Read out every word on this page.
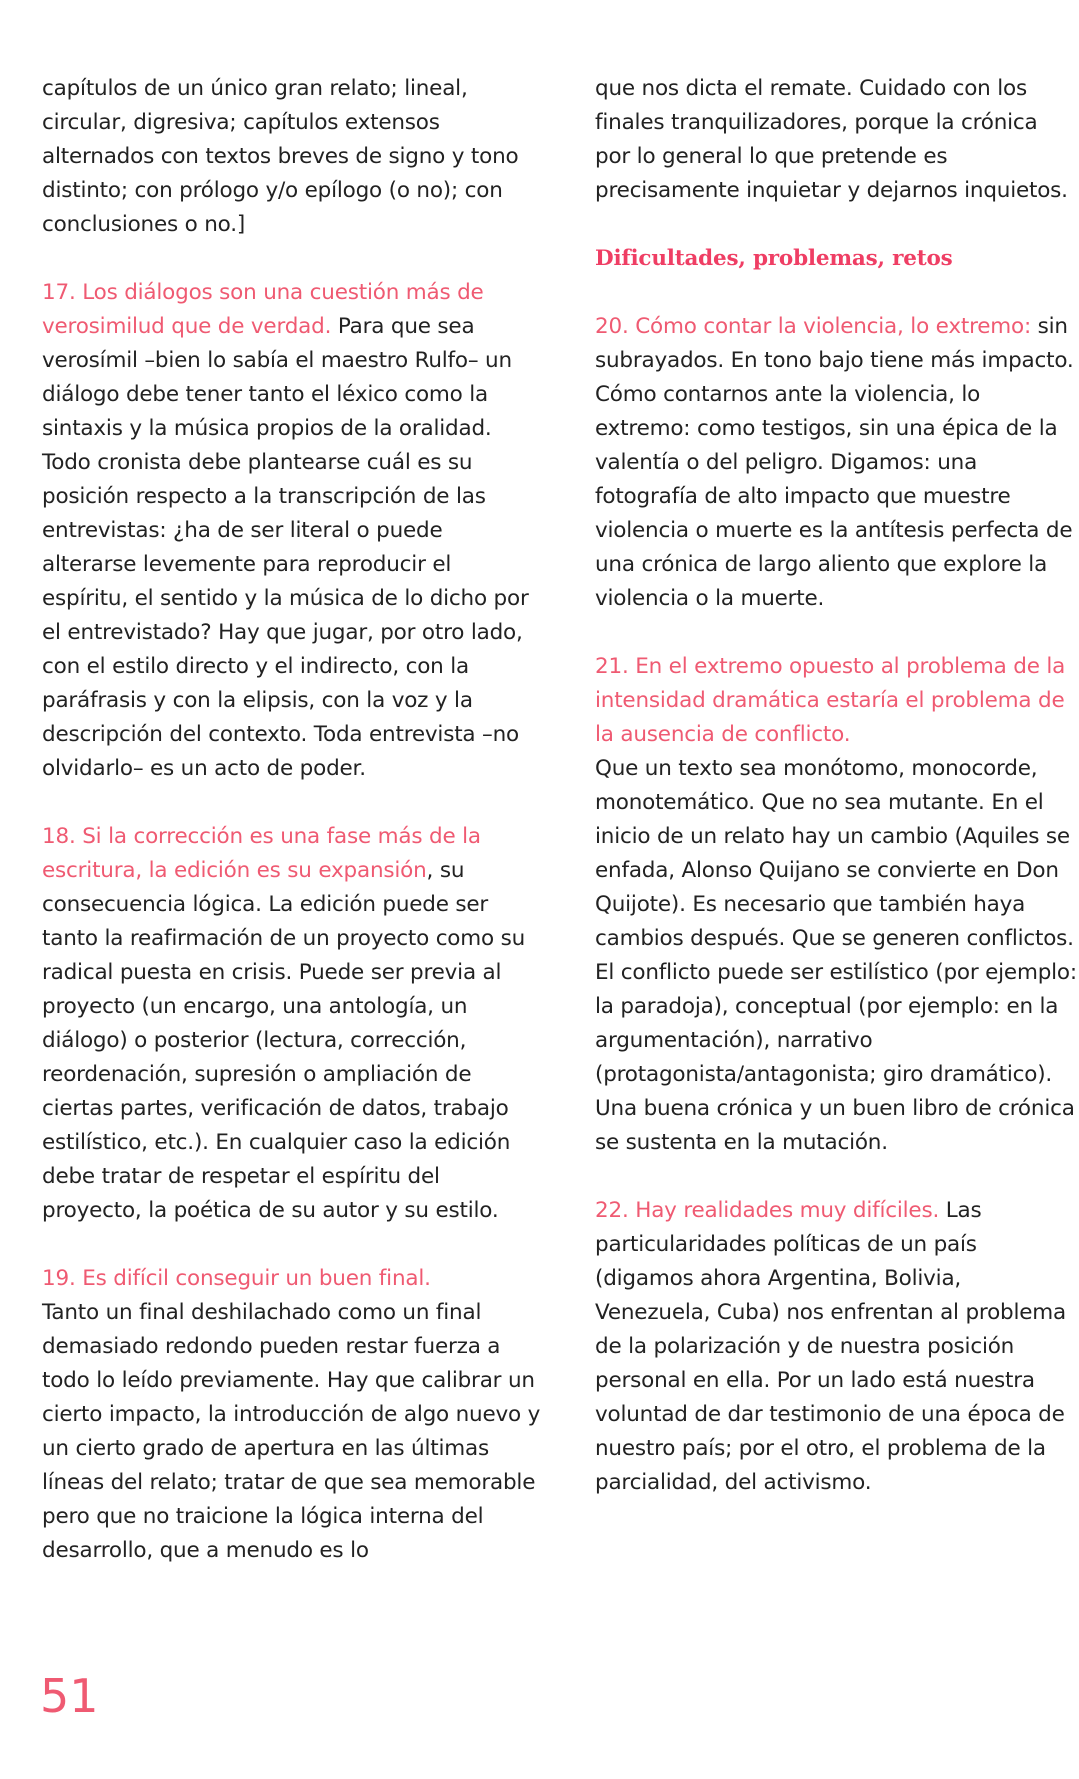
capítulos de un único gran relato; lineal, circular, digresiva; capítulos extensos alternados con textos breves de signo y tono distinto; con prólogo y/o epílogo (o no); con conclusiones o no.]

17. Los diálogos son una cuestión más de verosimilud que de verdad. Para que sea verosímil –bien lo sabía el maestro Rulfo– un diálogo debe tener tanto el léxico como la sintaxis y la música propios de la oralidad. Todo cronista debe plantearse cuál es su posición respecto a la transcripción de las entrevistas: ¿ha de ser literal o puede alterarse levemente para reproducir el espíritu, el sentido y la música de lo dicho por el entrevistado? Hay que jugar, por otro lado, con el estilo directo y el indirecto, con la paráfrasis y con la elipsis, con la voz y la descripción del contexto. Toda entrevista –no olvidarlo– es un acto de poder.

18. Si la corrección es una fase más de la escritura, la edición es su expansión, su consecuencia lógica. La edición puede ser tanto la reafirmación de un proyecto como su radical puesta en crisis. Puede ser previa al proyecto (un encargo, una antología, un diálogo) o posterior (lectura, corrección, reordenación, supresión o ampliación de ciertas partes, verificación de datos, trabajo estilístico, etc.). En cualquier caso la edición debe tratar de respetar el espíritu del proyecto, la poética de su autor y su estilo.

19. Es difícil conseguir un buen final.
Tanto un final deshilachado como un final demasiado redondo pueden restar fuerza a todo lo leído previamente. Hay que calibrar un cierto impacto, la introducción de algo nuevo y un cierto grado de apertura en las últimas líneas del relato; tratar de que sea memorable pero que no traicione la lógica interna del desarrollo, que a menudo es lo

que nos dicta el remate. Cuidado con los finales tranquilizadores, porque la crónica por lo general lo que pretende es precisamente inquietar y dejarnos inquietos.

Dificultades, problemas, retos

20. Cómo contar la violencia, lo extremo: sin subrayados. En tono bajo tiene más impacto. Cómo contarnos ante la violencia, lo extremo: como testigos, sin una épica de la valentía o del peligro. Digamos: una fotografía de alto impacto que muestre violencia o muerte es la antítesis perfecta de una crónica de largo aliento que explore la violencia o la muerte.

21. En el extremo opuesto al problema de la intensidad dramática estaría el problema de la ausencia de conflicto.
Que un texto sea monótomo, monocorde, monotemático. Que no sea mutante. En el inicio de un relato hay un cambio (Aquiles se enfada, Alonso Quijano se convierte en Don Quijote). Es necesario que también haya cambios después. Que se generen conflictos. El conflicto puede ser estilístico (por ejemplo: la paradoja), conceptual (por ejemplo: en la argumentación), narrativo (protagonista/antagonista; giro dramático). Una buena crónica y un buen libro de crónica se sustenta en la mutación.

22. Hay realidades muy difíciles. Las particularidades políticas de un país (digamos ahora Argentina, Bolivia, Venezuela, Cuba) nos enfrentan al problema de la polarización y de nuestra posición personal en ella. Por un lado está nuestra voluntad de dar testimonio de una época de nuestro país; por el otro, el problema de la parcialidad, del activismo.

51
